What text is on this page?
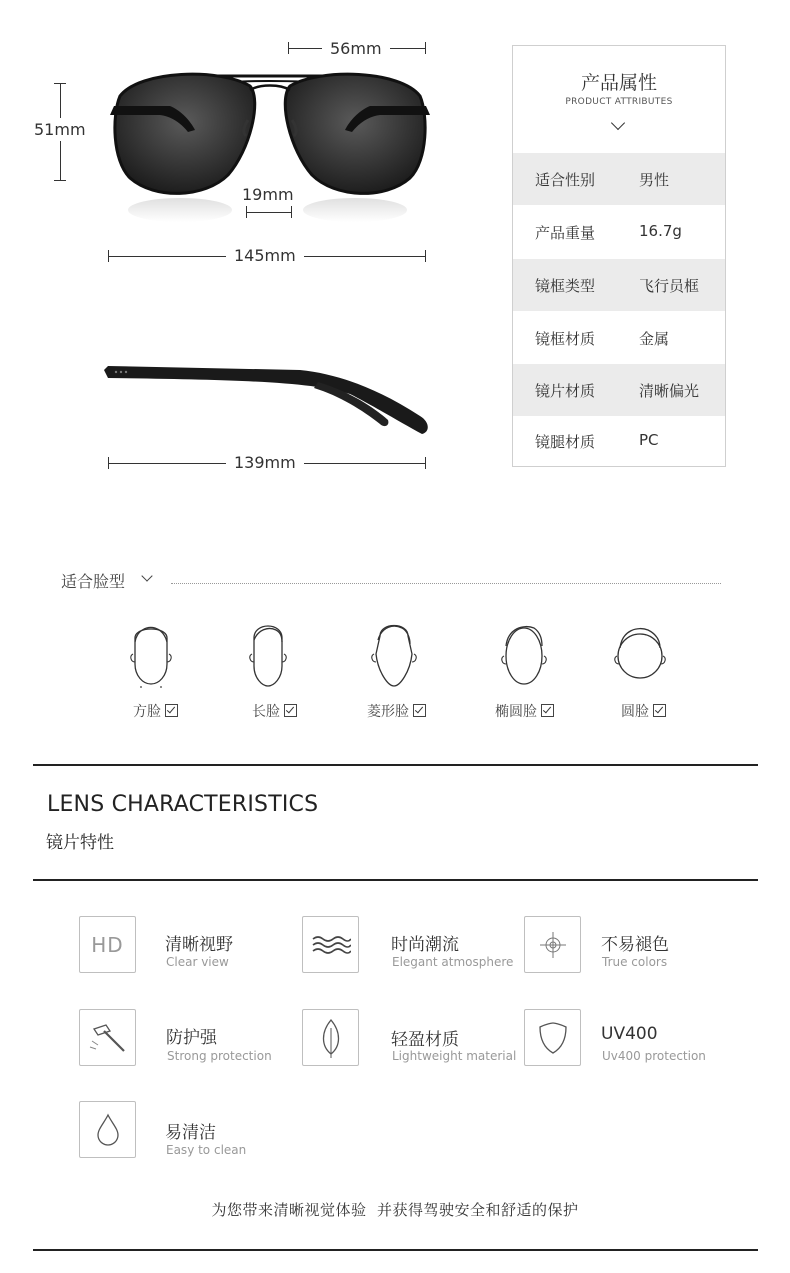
56mm
51mm
19mm
145mm
139mm
产品属性
PRODUCT ATTRIBUTES
适合性别	男性
产品重量	16.7g
镜框类型	飞行员框
镜框材质	金属
镜片材质	清晰偏光
镜腿材质	PC
适合脸型
方脸	长脸	菱形脸	椭圆脸	圆脸
LENS CHARACTERISTICS
镜片特性
HD 清晰视野
Clear view
时尚潮流
Elegant atmosphere
不易褪色
True colors
防护强
Strong protection
轻盈材质
Lightweight material
UV400
Uv400 protection
易清洁
Easy to clean
为您带来清晰视觉体验  并获得驾驶安全和舒适的保护
